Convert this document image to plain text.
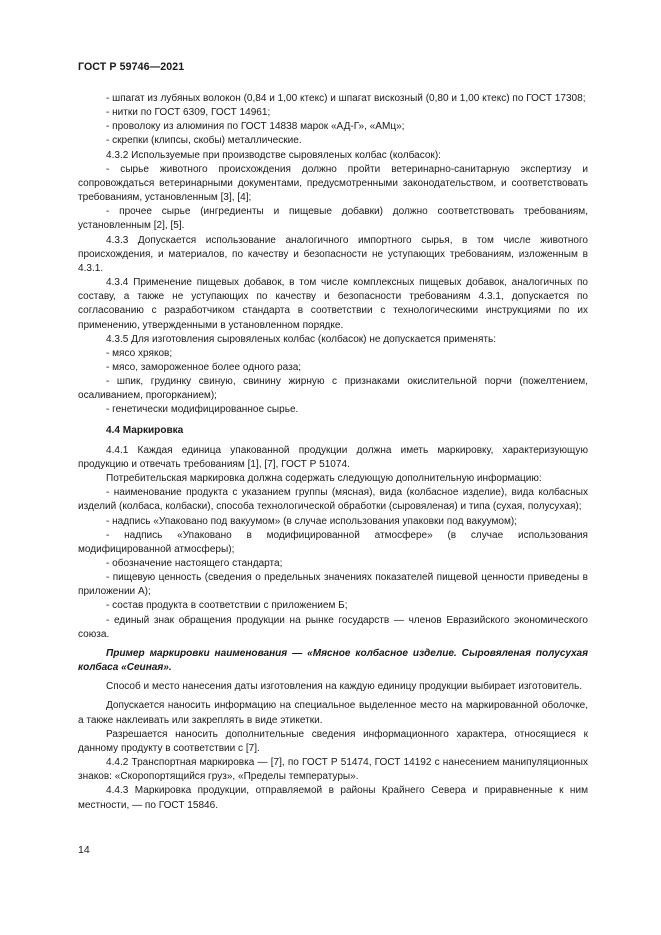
ГОСТ Р 59746—2021

- шпагат из лубяных волокон (0,84 и 1,00 ктекс) и шпагат вискозный (0,80 и 1,00 ктекс) по ГОСТ 17308;

- нитки по ГОСТ 6309, ГОСТ 14961;

- проволоку из алюминия по ГОСТ 14838 марок «АД-Г», «АМц»;

- скрепки (клипсы, скобы) металлические.

4.3.2 Используемые при производстве сыровяленых колбас (колбасок):

- сырье животного происхождения должно пройти ветеринарно-санитарную экспертизу и сопровождаться ветеринарными документами, предусмотренными законодательством, и соответствовать требованиям, установленным [3], [4];

- прочее сырье (ингредиенты и пищевые добавки) должно соответствовать требованиям, установленным [2], [5].

4.3.3 Допускается использование аналогичного импортного сырья, в том числе животного происхождения, и материалов, по качеству и безопасности не уступающих требованиям, изложенным в 4.3.1.

4.3.4 Применение пищевых добавок, в том числе комплексных пищевых добавок, аналогичных по составу, а также не уступающих по качеству и безопасности требованиям 4.3.1, допускается по согласованию с разработчиком стандарта в соответствии с технологическими инструкциями по их применению, утвержденными в установленном порядке.

4.3.5 Для изготовления сыровяленых колбас (колбасок) не допускается применять:

- мясо хряков;

- мясо, замороженное более одного раза;

- шпик, грудинку свиную, свинину жирную с признаками окислительной порчи (пожелтением, осаливанием, прогорканием);

- генетически модифицированное сырье.

4.4 Маркировка

4.4.1 Каждая единица упакованной продукции должна иметь маркировку, характеризующую продукцию и отвечать требованиям [1], [7], ГОСТ Р 51074.

Потребительская маркировка должна содержать следующую дополнительную информацию:

- наименование продукта с указанием группы (мясная), вида (колбасное изделие), вида колбасных изделий (колбаса, колбаски), способа технологической обработки (сыровяленая) и типа (сухая, полусухая);

- надпись «Упаковано под вакуумом» (в случае использования упаковки под вакуумом);

- надпись «Упаковано в модифицированной атмосфере» (в случае использования модифицированной атмосферы);

- обозначение настоящего стандарта;

- пищевую ценность (сведения о предельных значениях показателей пищевой ценности приведены в приложении А);

- состав продукта в соответствии с приложением Б;

- единый знак обращения продукции на рынке государств — членов Евразийского экономического союза.

Пример маркировки наименования — «Мясное колбасное изделие. Сыровяленая полусухая колбаса «Сеиная».

Способ и место нанесения даты изготовления на каждую единицу продукции выбирает изготовитель.

Допускается наносить информацию на специальное выделенное место на маркированной оболочке, а также наклеивать или закреплять в виде этикетки.

Разрешается наносить дополнительные сведения информационного характера, относящиеся к данному продукту в соответствии с [7].

4.4.2 Транспортная маркировка — [7], по ГОСТ Р 51474, ГОСТ 14192 с нанесением манипуляционных знаков: «Скоропортящийся груз», «Пределы температуры».

4.4.3 Маркировка продукции, отправляемой в районы Крайнего Севера и приравненные к ним местности, — по ГОСТ 15846.

14
